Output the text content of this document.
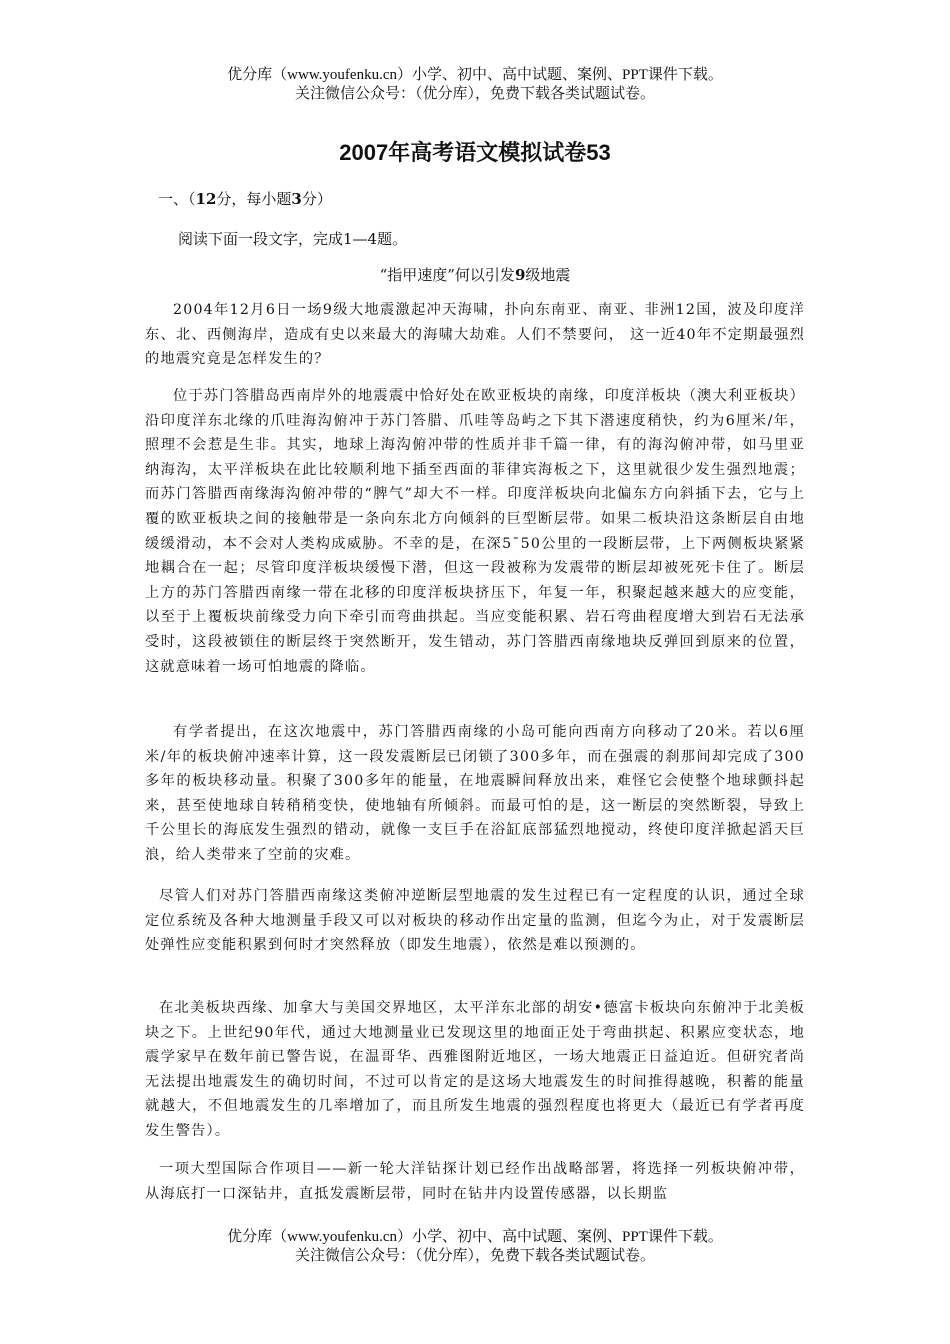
优分库（www.youfenku.cn）小学、初中、高中试题、案例、PPT课件下载。
关注微信公众号：（优分库），免费下载各类试题试卷。
2007年高考语文模拟试卷53
一、（12分，每小题3分）
阅读下面一段文字，完成1—4题。
“指甲速度”何以引发9级地震

2004年12月6日一场9级大地震激起冲天海啸，扑向东南亚、南亚、非洲12国，波及印度洋东、北、西侧海岸，造成有史以来最大的海啸大劫难。人们不禁要问， 这一近40年不定期最强烈的地震究竟是怎样发生的？

位于苏门答腊岛西南岸外的地震震中恰好处在欧亚板块的南缘，印度洋板块（澳大利亚板块）沿印度洋东北缘的爪哇海沟俯冲于苏门答腊、爪哇等岛屿之下其下潜速度稍快，约为6厘米/年，照理不会惹是生非。其实，地球上海沟俯冲带的性质并非千篇一律，有的海沟俯冲带，如马里亚纳海沟，太平洋板块在此比较顺利地下插至西面的菲律宾海板之下，这里就很少发生强烈地震；而苏门答腊西南缘海沟俯冲带的“脾气”却大不一样。印度洋板块向北偏东方向斜插下去，它与上覆的欧亚板块之间的接触带是一条向东北方向倾斜的巨型断层带。如果二板块沿这条断层自由地缓缓滑动，本不会对人类构成威胁。不幸的是，在深5¯50公里的一段断层带，上下两侧板块紧紧地耦合在一起；尽管印度洋板块缓慢下潜，但这一段被称为发震带的断层却被死死卡住了。断层上方的苏门答腊西南缘一带在北移的印度洋板块挤压下，年复一年，积聚起越来越大的应变能，以至于上覆板块前缘受力向下牵引而弯曲拱起。当应变能积累、岩石弯曲程度增大到岩石无法承受时，这段被锁住的断层终于突然断开，发生错动，苏门答腊西南缘地块反弹回到原来的位置，这就意味着一场可怕地震的降临。

有学者提出，在这次地震中，苏门答腊西南缘的小岛可能向西南方向移动了20米。若以6厘米/年的板块俯冲速率计算，这一段发震断层已闭锁了300多年，而在强震的刹那间却完成了300多年的板块移动量。积聚了300多年的能量，在地震瞬间释放出来，难怪它会使整个地球颤抖起来，甚至使地球自转稍稍变快，使地轴有所倾斜。而最可怕的是，这一断层的突然断裂，导致上千公里长的海底发生强烈的错动，就像一支巨手在浴缸底部猛烈地搅动，终使印度洋掀起滔天巨浪，给人类带来了空前的灾难。

尽管人们对苏门答腊西南缘这类俯冲逆断层型地震的发生过程已有一定程度的认识，通过全球定位系统及各种大地测量手段又可以对板块的移动作出定量的监测，但迄今为止，对于发震断层处弹性应变能积累到何时才突然释放（即发生地震），依然是难以预测的。

在北美板块西缘、加拿大与美国交界地区，太平洋东北部的胡安•德富卡板块向东俯冲于北美板块之下。上世纪90年代，通过大地测量业已发现这里的地面正处于弯曲拱起、积累应变状态，地震学家早在数年前已警告说，在温哥华、西雅图附近地区，一场大地震正日益迫近。但研究者尚无法提出地震发生的确切时间，不过可以肯定的是这场大地震发生的时间推得越晚，积蓄的能量就越大，不但地震发生的几率增加了，而且所发生地震的强烈程度也将更大（最近已有学者再度发生警告）。

一项大型国际合作项目——新一轮大洋钻探计划已经作出战略部署，将选择一列板块俯冲带，从海底打一口深钻井，直抵发震断层带，同时在钻井内设置传感器，以长期监

优分库（www.youfenku.cn）小学、初中、高中试题、案例、PPT课件下载。
关注微信公众号：（优分库），免费下载各类试题试卷。
